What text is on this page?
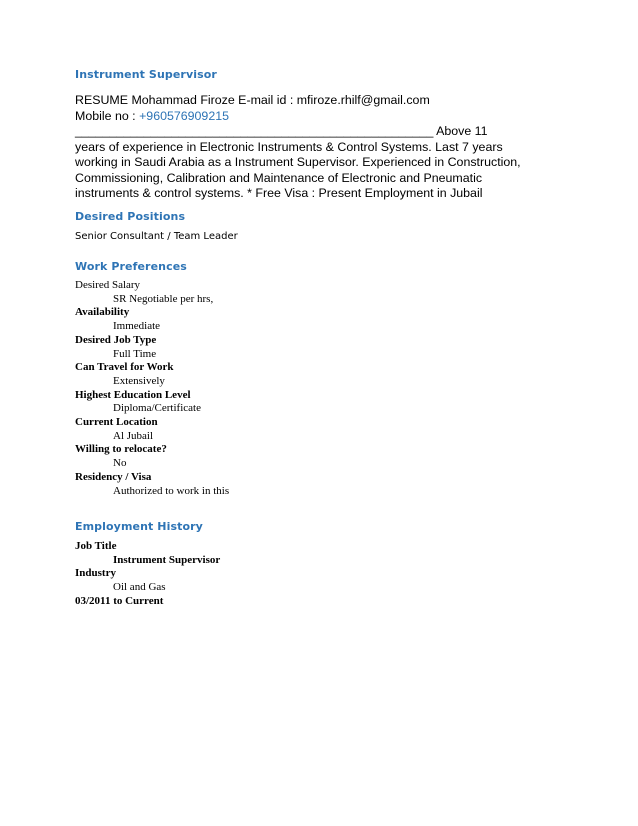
Instrument Supervisor
RESUME Mohammad Firoze E-mail id : mfiroze.rhilf@gmail.com
Mobile no : +960576909215
____________________________________________________ Above 11
years of experience in Electronic Instruments & Control Systems. Last 7 years
working in Saudi Arabia as a Instrument Supervisor. Experienced in Construction,
Commissioning, Calibration and Maintenance of Electronic and Pneumatic
instruments & control systems. * Free Visa : Present Employment in Jubail
Desired Positions

Senior Consultant / Team Leader

Work Preferences
Desired Salary
SR Negotiable per hrs,
Availability
Immediate
Desired Job Type
Full Time
Can Travel for Work
Extensively
Highest Education Level
Diploma/Certificate
Current Location
Al Jubail
Willing to relocate?
No
Residency / Visa
Authorized to work in this
Employment History
Job Title
Instrument Supervisor
Industry
Oil and Gas
03/2011 to Current
